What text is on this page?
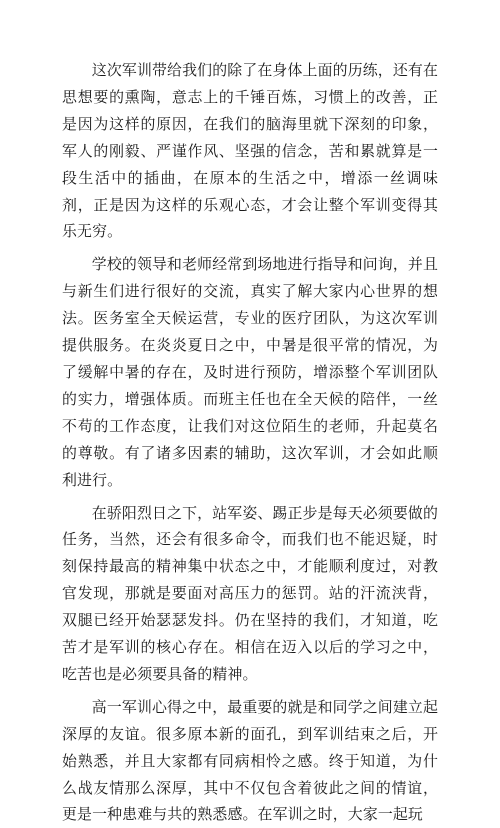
这次军训带给我们的除了在身体上面的历练，还有在思想要的熏陶，意志上的千锤百炼，习惯上的改善，正是因为这样的原因，在我们的脑海里就下深刻的印象，军人的刚毅、严谨作风、坚强的信念，苦和累就算是一段生活中的插曲，在原本的生活之中，增添一丝调味剂，正是因为这样的乐观心态，才会让整个军训变得其乐无穷。

学校的领导和老师经常到场地进行指导和问询，并且与新生们进行很好的交流，真实了解大家内心世界的想法。医务室全天候运营，专业的医疗团队，为这次军训提供服务。在炎炎夏日之中，中暑是很平常的情况，为了缓解中暑的存在，及时进行预防，增添整个军训团队的实力，增强体质。而班主任也在全天候的陪伴，一丝不苟的工作态度，让我们对这位陌生的老师，升起莫名的尊敬。有了诸多因素的辅助，这次军训，才会如此顺利进行。

在骄阳烈日之下，站军姿、踢正步是每天必须要做的任务，当然，还会有很多命令，而我们也不能迟疑，时刻保持最高的精神集中状态之中，才能顺利度过，对教官发现，那就是要面对高压力的惩罚。站的汗流浃背，双腿已经开始瑟瑟发抖。仍在坚持的我们，才知道，吃苦才是军训的核心存在。相信在迈入以后的学习之中，吃苦也是必须要具备的精神。

高一军训心得之中，最重要的就是和同学之间建立起深厚的友谊。很多原本新的面孔，到军训结束之后，开始熟悉，并且大家都有同病相怜之感。终于知道，为什么战友情那么深厚，其中不仅包含着彼此之间的情谊，更是一种患难与共的熟悉感。在军训之时，大家一起玩
